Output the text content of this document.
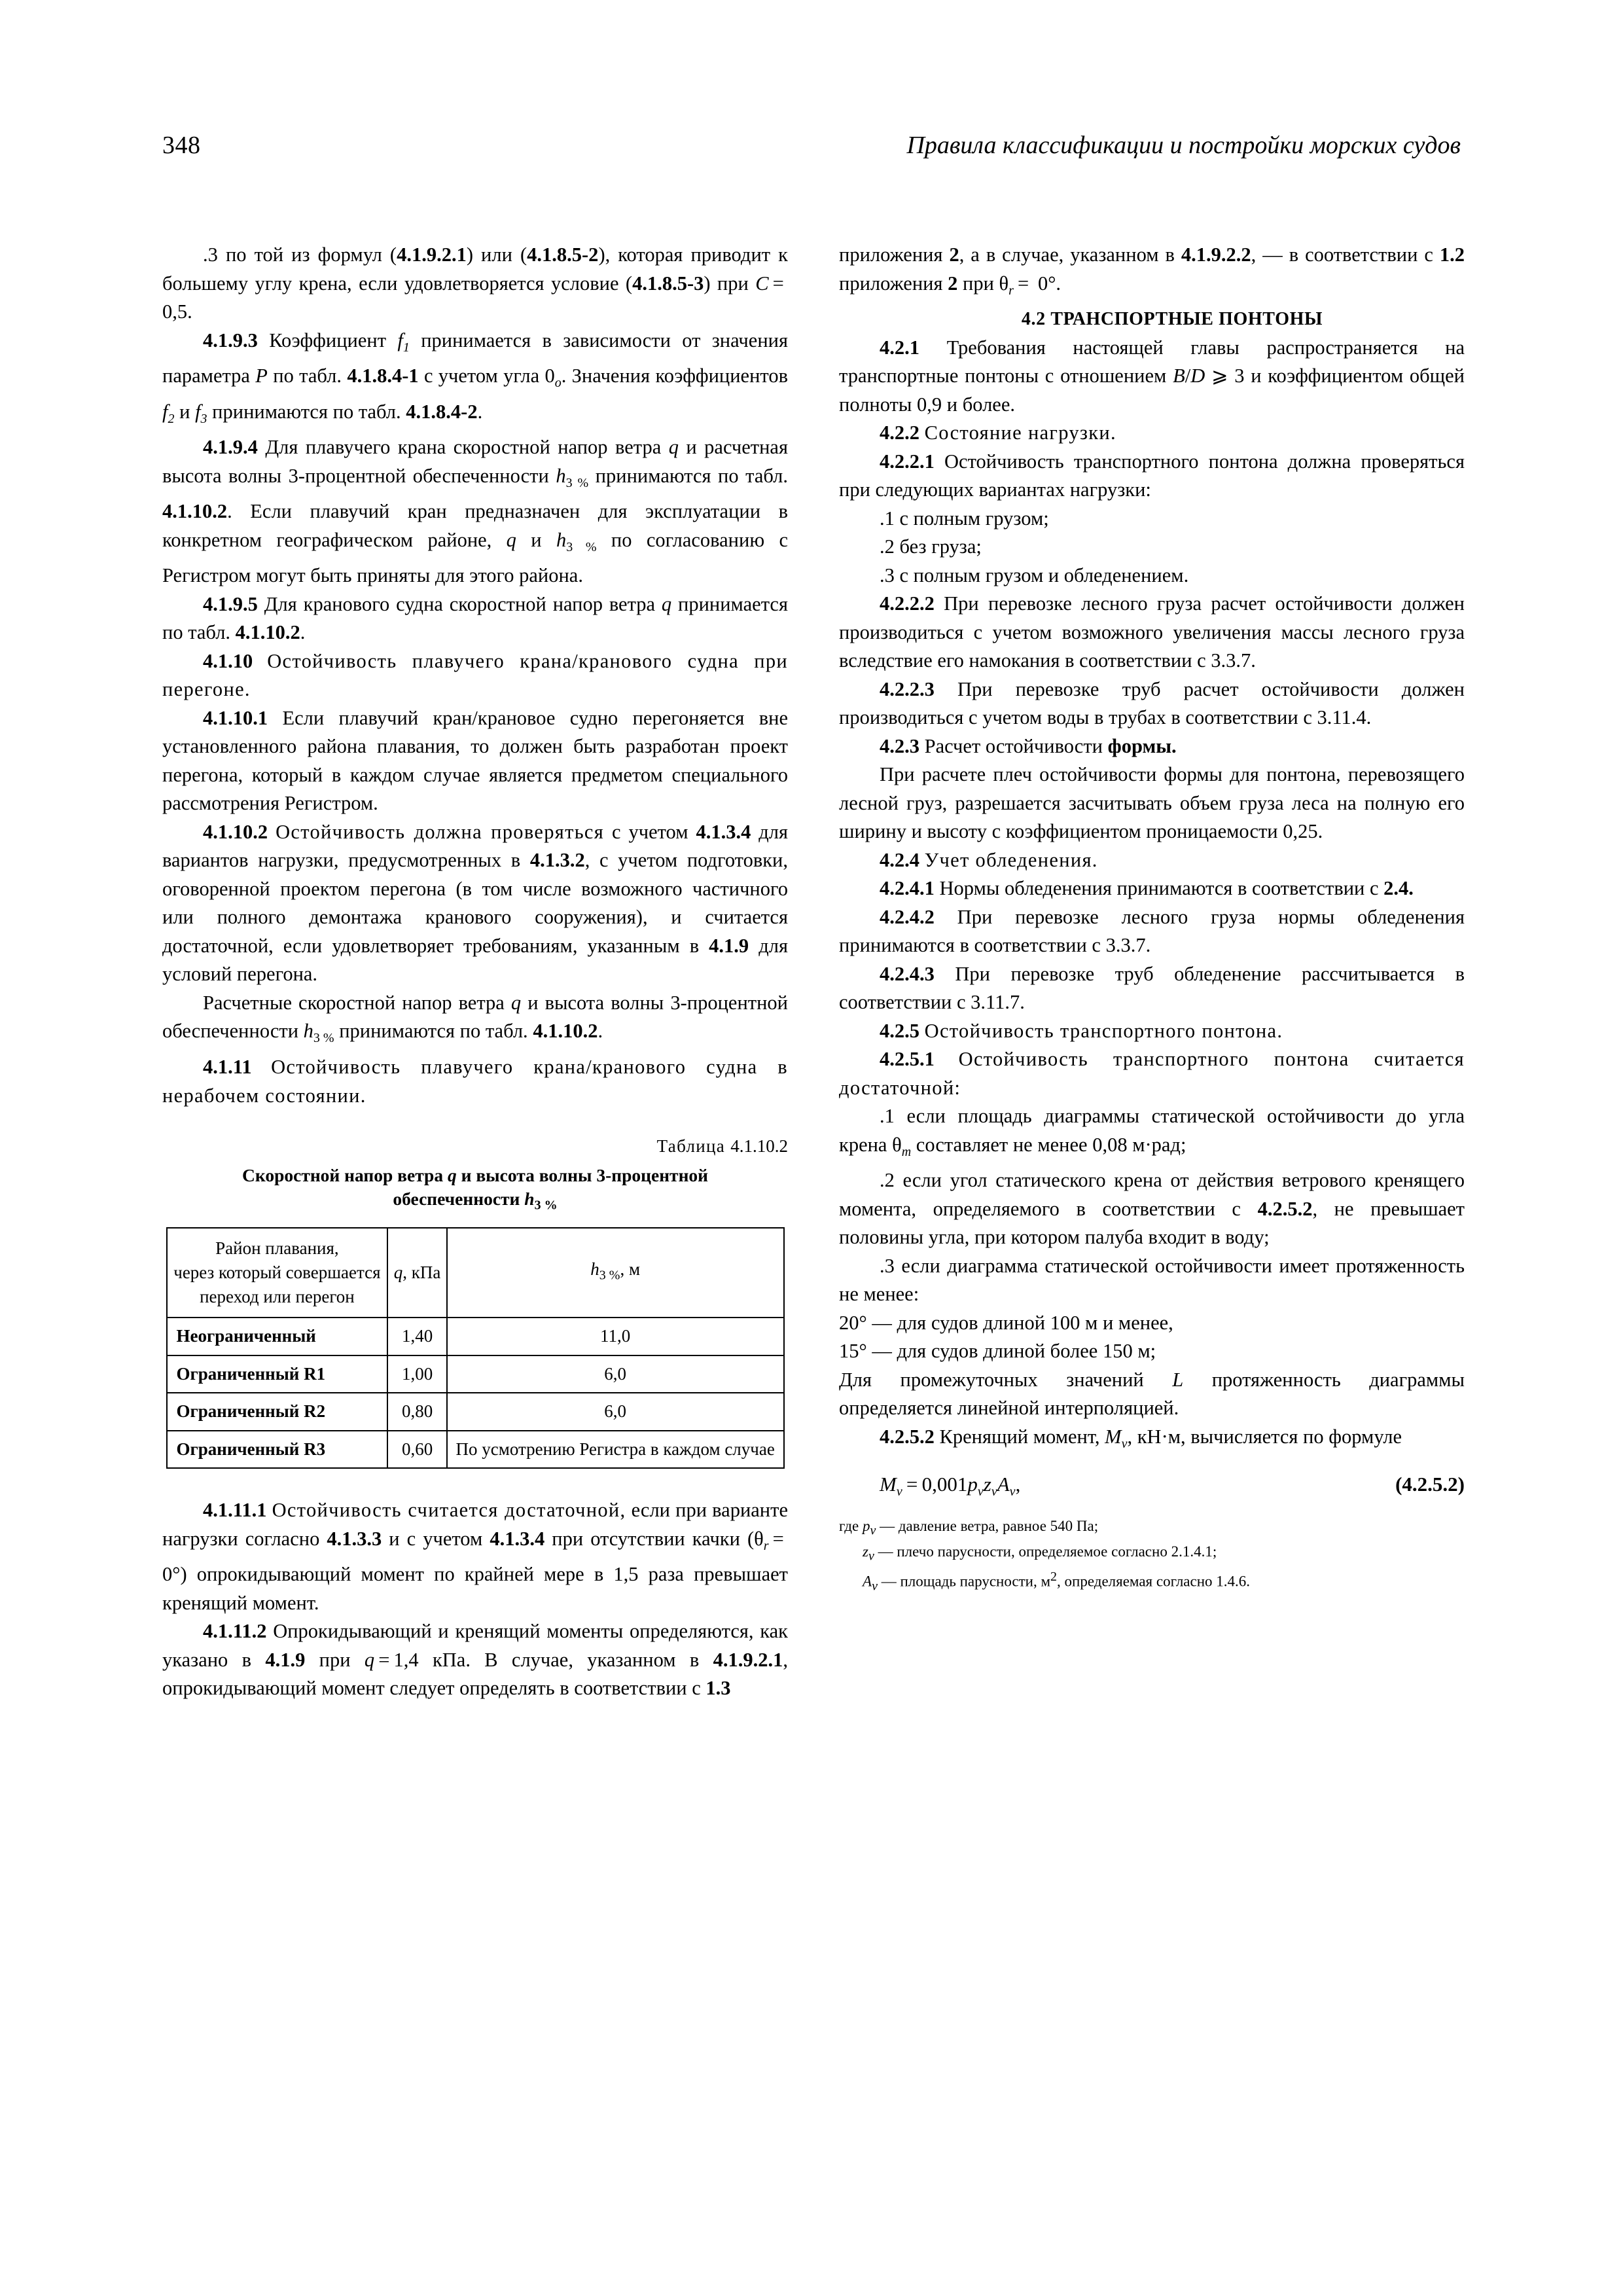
348	Правила классификации и постройки морских судов

.3 по той из формул (4.1.9.2.1) или (4.1.8.5-2), которая приводит к большему углу крена, если удовлетворяется условие (4.1.8.5-3) при C = 0,5.

4.1.9.3 Коэффициент $f_1$ принимается в зависимости от значения параметра P по табл. 4.1.8.4-1 с учетом угла $0_o$. Значения коэффициентов $f_2$ и $f_3$ принимаются по табл. 4.1.8.4-2.

4.1.9.4 Для плавучего крана скоростной напор ветра q и расчетная высота волны 3-процентной обеспеченности $h_{3 \%}$ принимаются по табл. 4.1.10.2. Если плавучий кран предназначен для эксплуатации в конкретном географическом районе, q и $h_{3 \%}$ по согласованию с Регистром могут быть приняты для этого района.

4.1.9.5 Для кранового судна скоростной напор ветра q принимается по табл. 4.1.10.2.

4.1.10 Остойчивость плавучего крана/кранового судна при перегоне.

4.1.10.1 Если плавучий кран/крановое судно перегоняется вне установленного района плавания, то должен быть разработан проект перегона, который в каждом случае является предметом специального рассмотрения Регистром.

4.1.10.2 Остойчивость должна проверяться с учетом 4.1.3.4 для вариантов нагрузки, предусмотренных в 4.1.3.2, с учетом подготовки, оговоренной проектом перегона (в том числе возможного частичного или полного демонтажа кранового сооружения), и считается достаточной, если удовлетворяет требованиям, указанным в 4.1.9 для условий перегона.

Расчетные скоростной напор ветра q и высота волны 3-процентной обеспеченности $h_{3 \%}$ принимаются по табл. 4.1.10.2.

4.1.11 Остойчивость плавучего крана/кранового судна в нерабочем состоянии.

Таблица 4.1.10.2
Скоростной напор ветра q и высота волны 3-процентной
обеспеченности $h_{3 \%}$
Район плавания,
через который совершается
переход или перегон	q, кПа	$h_{3 \%}$, м
Неограниченный	1,40	11,0
Ограниченный R1	1,00	6,0
Ограниченный R2	0,80	6,0
Ограниченный R3	0,60	По усмотрению Регистра в каждом случае

4.1.11.1 Остойчивость считается достаточной, если при варианте нагрузки согласно 4.1.3.3 и с учетом 4.1.3.4 при отсутствии качки $(\theta_r = 0^\circ)$ опрокидывающий момент по крайней мере в 1,5 раза превышает кренящий момент.

4.1.11.2 Опрокидывающий и кренящий моменты определяются, как указано в 4.1.9 при q = 1,4 кПа. В случае, указанном в 4.1.9.2.1, опрокидывающий момент следует определять в соответствии с 1.3

приложения 2, а в случае, указанном в 4.1.9.2.2, — в соответствии с 1.2 приложения 2 при $\theta_r = 0^\circ$.

4.2 ТРАНСПОРТНЫЕ ПОНТОНЫ

4.2.1 Требования настоящей главы распространяется на транспортные понтоны с отношением B/D ⩾ 3 и коэффициентом общей полноты 0,9 и более.

4.2.2 Состояние нагрузки.

4.2.2.1 Остойчивость транспортного понтона должна проверяться при следующих вариантах нагрузки:

.1 с полным грузом;

.2 без груза;

.3 с полным грузом и обледенением.

4.2.2.2 При перевозке лесного груза расчет остойчивости должен производиться с учетом возможного увеличения массы лесного груза вследствие его намокания в соответствии с 3.3.7.

4.2.2.3 При перевозке труб расчет остойчивости должен производиться с учетом воды в трубах в соответствии с 3.11.4.

4.2.3 Расчет остойчивости формы.

При расчете плеч остойчивости формы для понтона, перевозящего лесной груз, разрешается засчитывать объем груза леса на полную его ширину и высоту с коэффициентом проницаемости 0,25.

4.2.4 Учет обледенения.

4.2.4.1 Нормы обледенения принимаются в соответствии с 2.4.

4.2.4.2 При перевозке лесного груза нормы обледенения принимаются в соответствии с 3.3.7.

4.2.4.3 При перевозке труб обледенение рассчитывается в соответствии с 3.11.7.

4.2.5 Остойчивость транспортного понтона.

4.2.5.1 Остойчивость транспортного понтона считается достаточной:

.1 если площадь диаграммы статической остойчивости до угла крена $\theta_m$ составляет не менее 0,08 м·рад;

.2 если угол статического крена от действия ветрового кренящего момента, определяемого в соответствии с 4.2.5.2, не превышает половины угла, при котором палуба входит в воду;

.3 если диаграмма статической остойчивости имеет протяженность не менее:

20° — для судов длиной 100 м и менее,

15° — для судов длиной более 150 м;

Для промежуточных значений L протяженность диаграммы определяется линейной интерполяцией.

4.2.5.2 Кренящий момент, $M_v$, кН·м, вычисляется по формуле

$M_v = 0,001p_vz_vA_v$,	(4.2.5.2)
где pv — давление ветра, равное 540 Па;
zv — плечо парусности, определяемое согласно 2.1.4.1;
Av — площадь парусности, м2, определяемая согласно 1.4.6.
